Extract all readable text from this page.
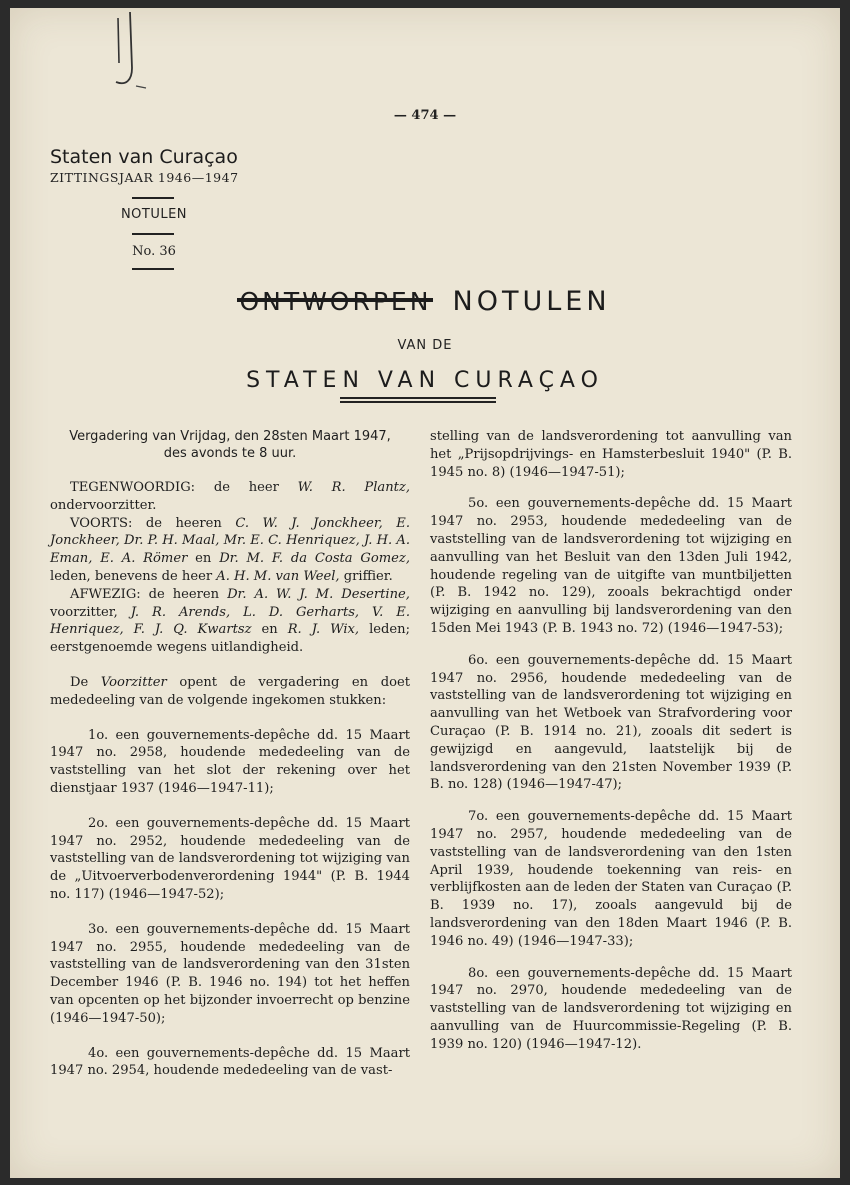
— 474 —
Staten van Curaçao
ZITTINGSJAAR 1946—1947
NOTULEN
No. 36
NOTULEN
VAN DE
STATEN VAN CURAÇAO

Vergadering van Vrijdag, den 28sten Maart 1947,

des avonds te 8 uur.

TEGENWOORDIG: de heer W. R. Plantz, ondervoorzitter.

VOORTS: de heeren C. W. J. Jonckheer, E. Jonckheer, Dr. P. H. Maal, Mr. E. C. Henriquez, J. H. A. Eman, E. A. Römer en Dr. M. F. da Costa Gomez, leden, benevens de heer A. H. M. van Weel, griffier.

AFWEZIG: de heeren Dr. A. W. J. M. Desertine, voorzitter, J. R. Arends, L. D. Gerharts, V. E. Henriquez, F. J. Q. Kwartsz en R. J. Wix, leden; eerstgenoemde wegens uitlandigheid.

De Voorzitter opent de vergadering en doet mededeeling van de volgende ingekomen stukken:

1o. een gouvernements-depêche dd. 15 Maart 1947 no. 2958, houdende mededeeling van de vaststelling van het slot der rekening over het dienstjaar 1937 (1946—1947-11);

2o. een gouvernements-depêche dd. 15 Maart 1947 no. 2952, houdende mededeeling van de vaststelling van de landsverordening tot wijziging van de „Uitvoerverbodenverordening 1944" (P. B. 1944 no. 117) (1946—1947-52);

3o. een gouvernements-depêche dd. 15 Maart 1947 no. 2955, houdende mededeeling van de vaststelling van de landsverordening van den 31sten December 1946 (P. B. 1946 no. 194) tot het heffen van opcenten op het bijzonder invoerrecht op benzine (1946—1947-50);

4o. een gouvernements-depêche dd. 15 Maart 1947 no. 2954, houdende mededeeling van de vast-

stelling van de landsverordening tot aanvulling van het „Prijsopdrijvings- en Hamsterbesluit 1940" (P. B. 1945 no. 8) (1946—1947-51);

5o. een gouvernements-depêche dd. 15 Maart 1947 no. 2953, houdende mededeeling van de vaststelling van de landsverordening tot wijziging en aanvulling van het Besluit van den 13den Juli 1942, houdende regeling van de uitgifte van muntbiljetten (P. B. 1942 no. 129), zooals bekrachtigd onder wijziging en aanvulling bij landsverordening van den 15den Mei 1943 (P. B. 1943 no. 72) (1946—1947-53);

6o. een gouvernements-depêche dd. 15 Maart 1947 no. 2956, houdende mededeeling van de vaststelling van de landsverordening tot wijziging en aanvulling van het Wetboek van Strafvordering voor Curaçao (P. B. 1914 no. 21), zooals dit sedert is gewijzigd en aangevuld, laatstelijk bij de landsverordening van den 21sten November 1939 (P. B. no. 128) (1946—1947-47);

7o. een gouvernements-depêche dd. 15 Maart 1947 no. 2957, houdende mededeeling van de vaststelling van de landsverordening van den 1sten April 1939, houdende toekenning van reis- en verblijfkosten aan de leden der Staten van Curaçao (P. B. 1939 no. 17), zooals aangevuld bij de landsverordening van den 18den Maart 1946 (P. B. 1946 no. 49) (1946—1947-33);

8o. een gouvernements-depêche dd. 15 Maart 1947 no. 2970, houdende mededeeling van de vaststelling van de landsverordening tot wijziging en aanvulling van de Huurcommissie-Regeling (P. B. 1939 no. 120) (1946—1947-12).
